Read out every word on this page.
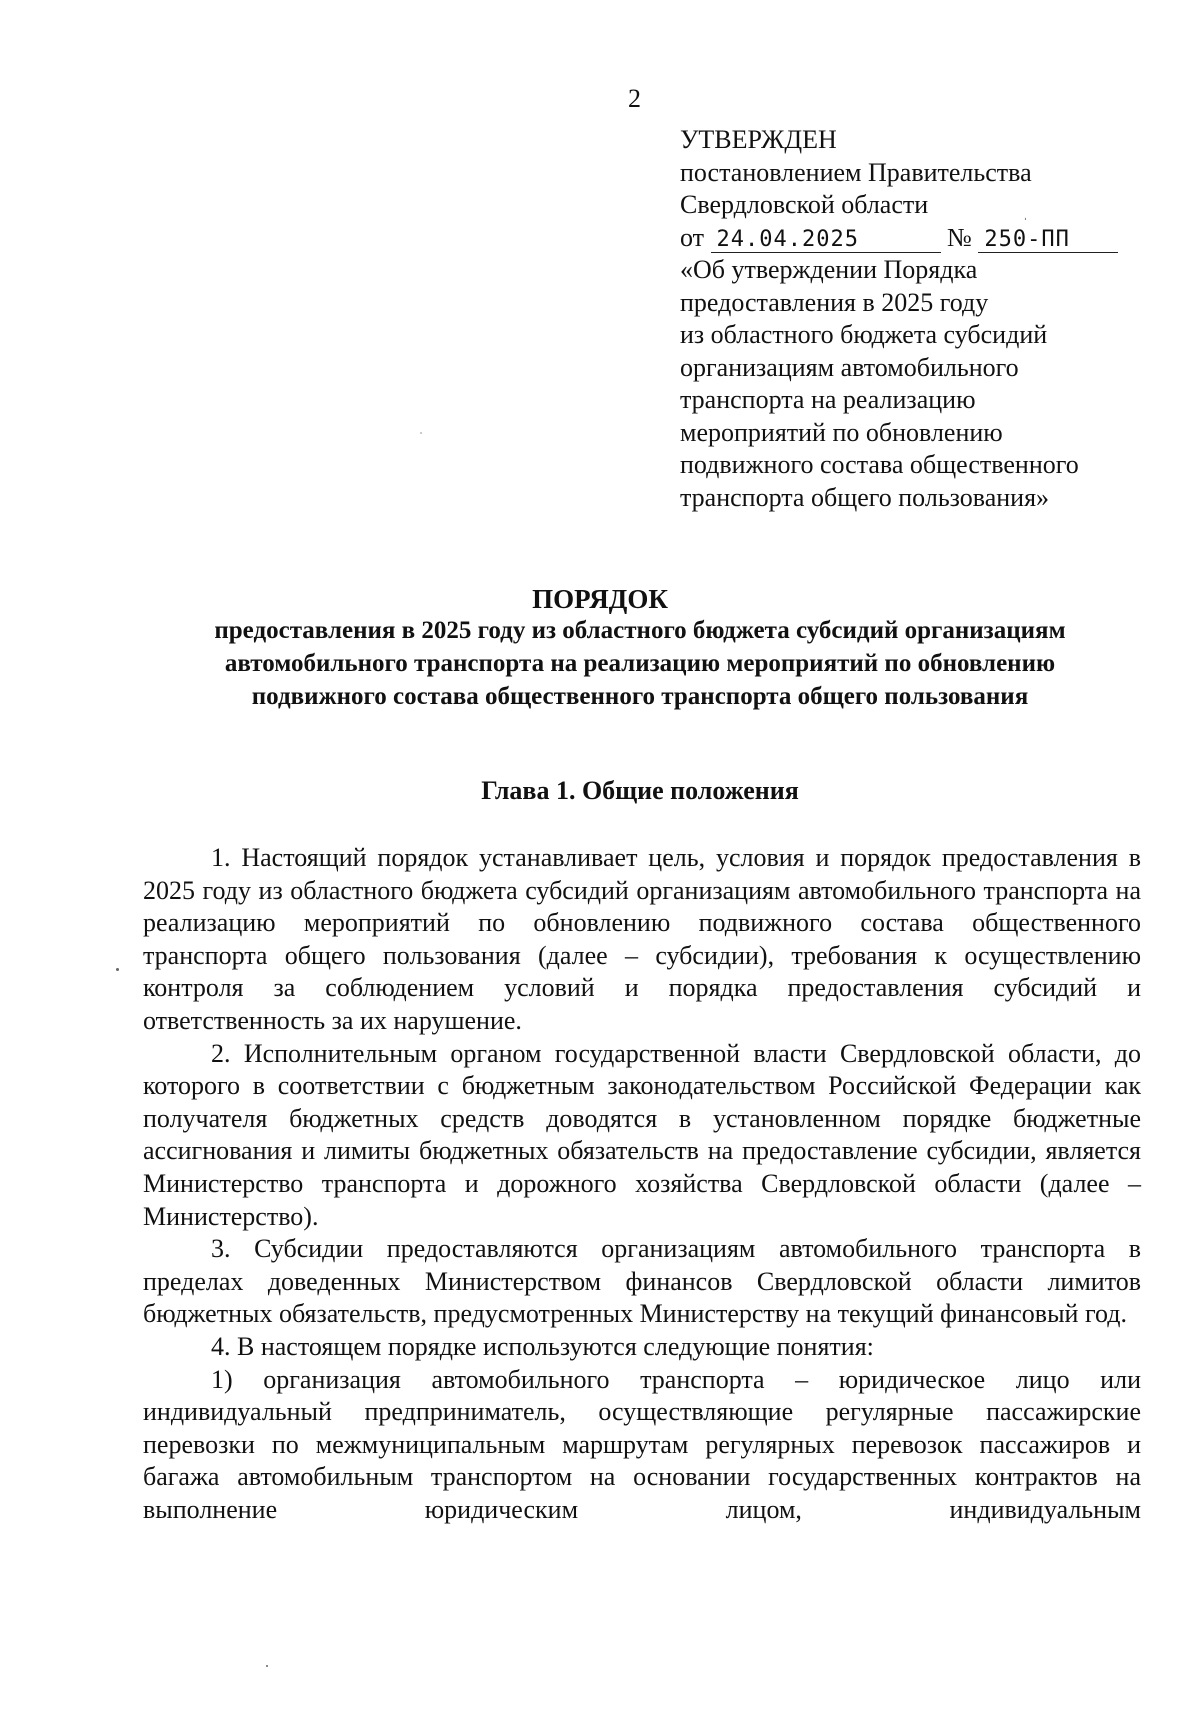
2
УТВЕРЖДЕН
постановлением Правительства
Свердловской области
от 24.04.2025	№ 250-ПП
«Об утверждении Порядка
предоставления в 2025 году
из областного бюджета субсидий
организациям автомобильного
транспорта на реализацию
мероприятий по обновлению
подвижного состава общественного
транспорта общего пользования»
ˌ
ПОРЯДОК
предоставления в 2025 году из областного бюджета субсидий организациям
автомобильного транспорта на реализацию мероприятий по обновлению
подвижного состава общественного транспорта общего пользования
Глава 1. Общие положения

1. Настоящий порядок устанавливает цель, условия и порядок предоставления в 2025 году из областного бюджета субсидий организациям автомобильного транспорта на реализацию мероприятий по обновлению подвижного состава общественного транспорта общего пользования (далее – субсидии), требования к осуществлению контроля за соблюдением условий и порядка предоставления субсидий и ответственность за их нарушение.

2. Исполнительным органом государственной власти Свердловской области, до которого в соответствии с бюджетным законодательством Российской Федерации как получателя бюджетных средств доводятся в установленном порядке бюджетные ассигнования и лимиты бюджетных обязательств на предоставление субсидии, является Министерство транспорта и дорожного хозяйства Свердловской области (далее – Министерство).

3. Субсидии предоставляются организациям автомобильного транспорта в пределах доведенных Министерством финансов Свердловской области лимитов бюджетных обязательств, предусмотренных Министерству на текущий финансовый год.

4. В настоящем порядке используются следующие понятия:

1) организация автомобильного транспорта – юридическое лицо или индивидуальный предприниматель, осуществляющие регулярные пассажирские перевозки по межмуниципальным маршрутам регулярных перевозок пассажиров и багажа автомобильным транспортом на основании государственных контрактов на выполнение юридическим лицом, индивидуальным
